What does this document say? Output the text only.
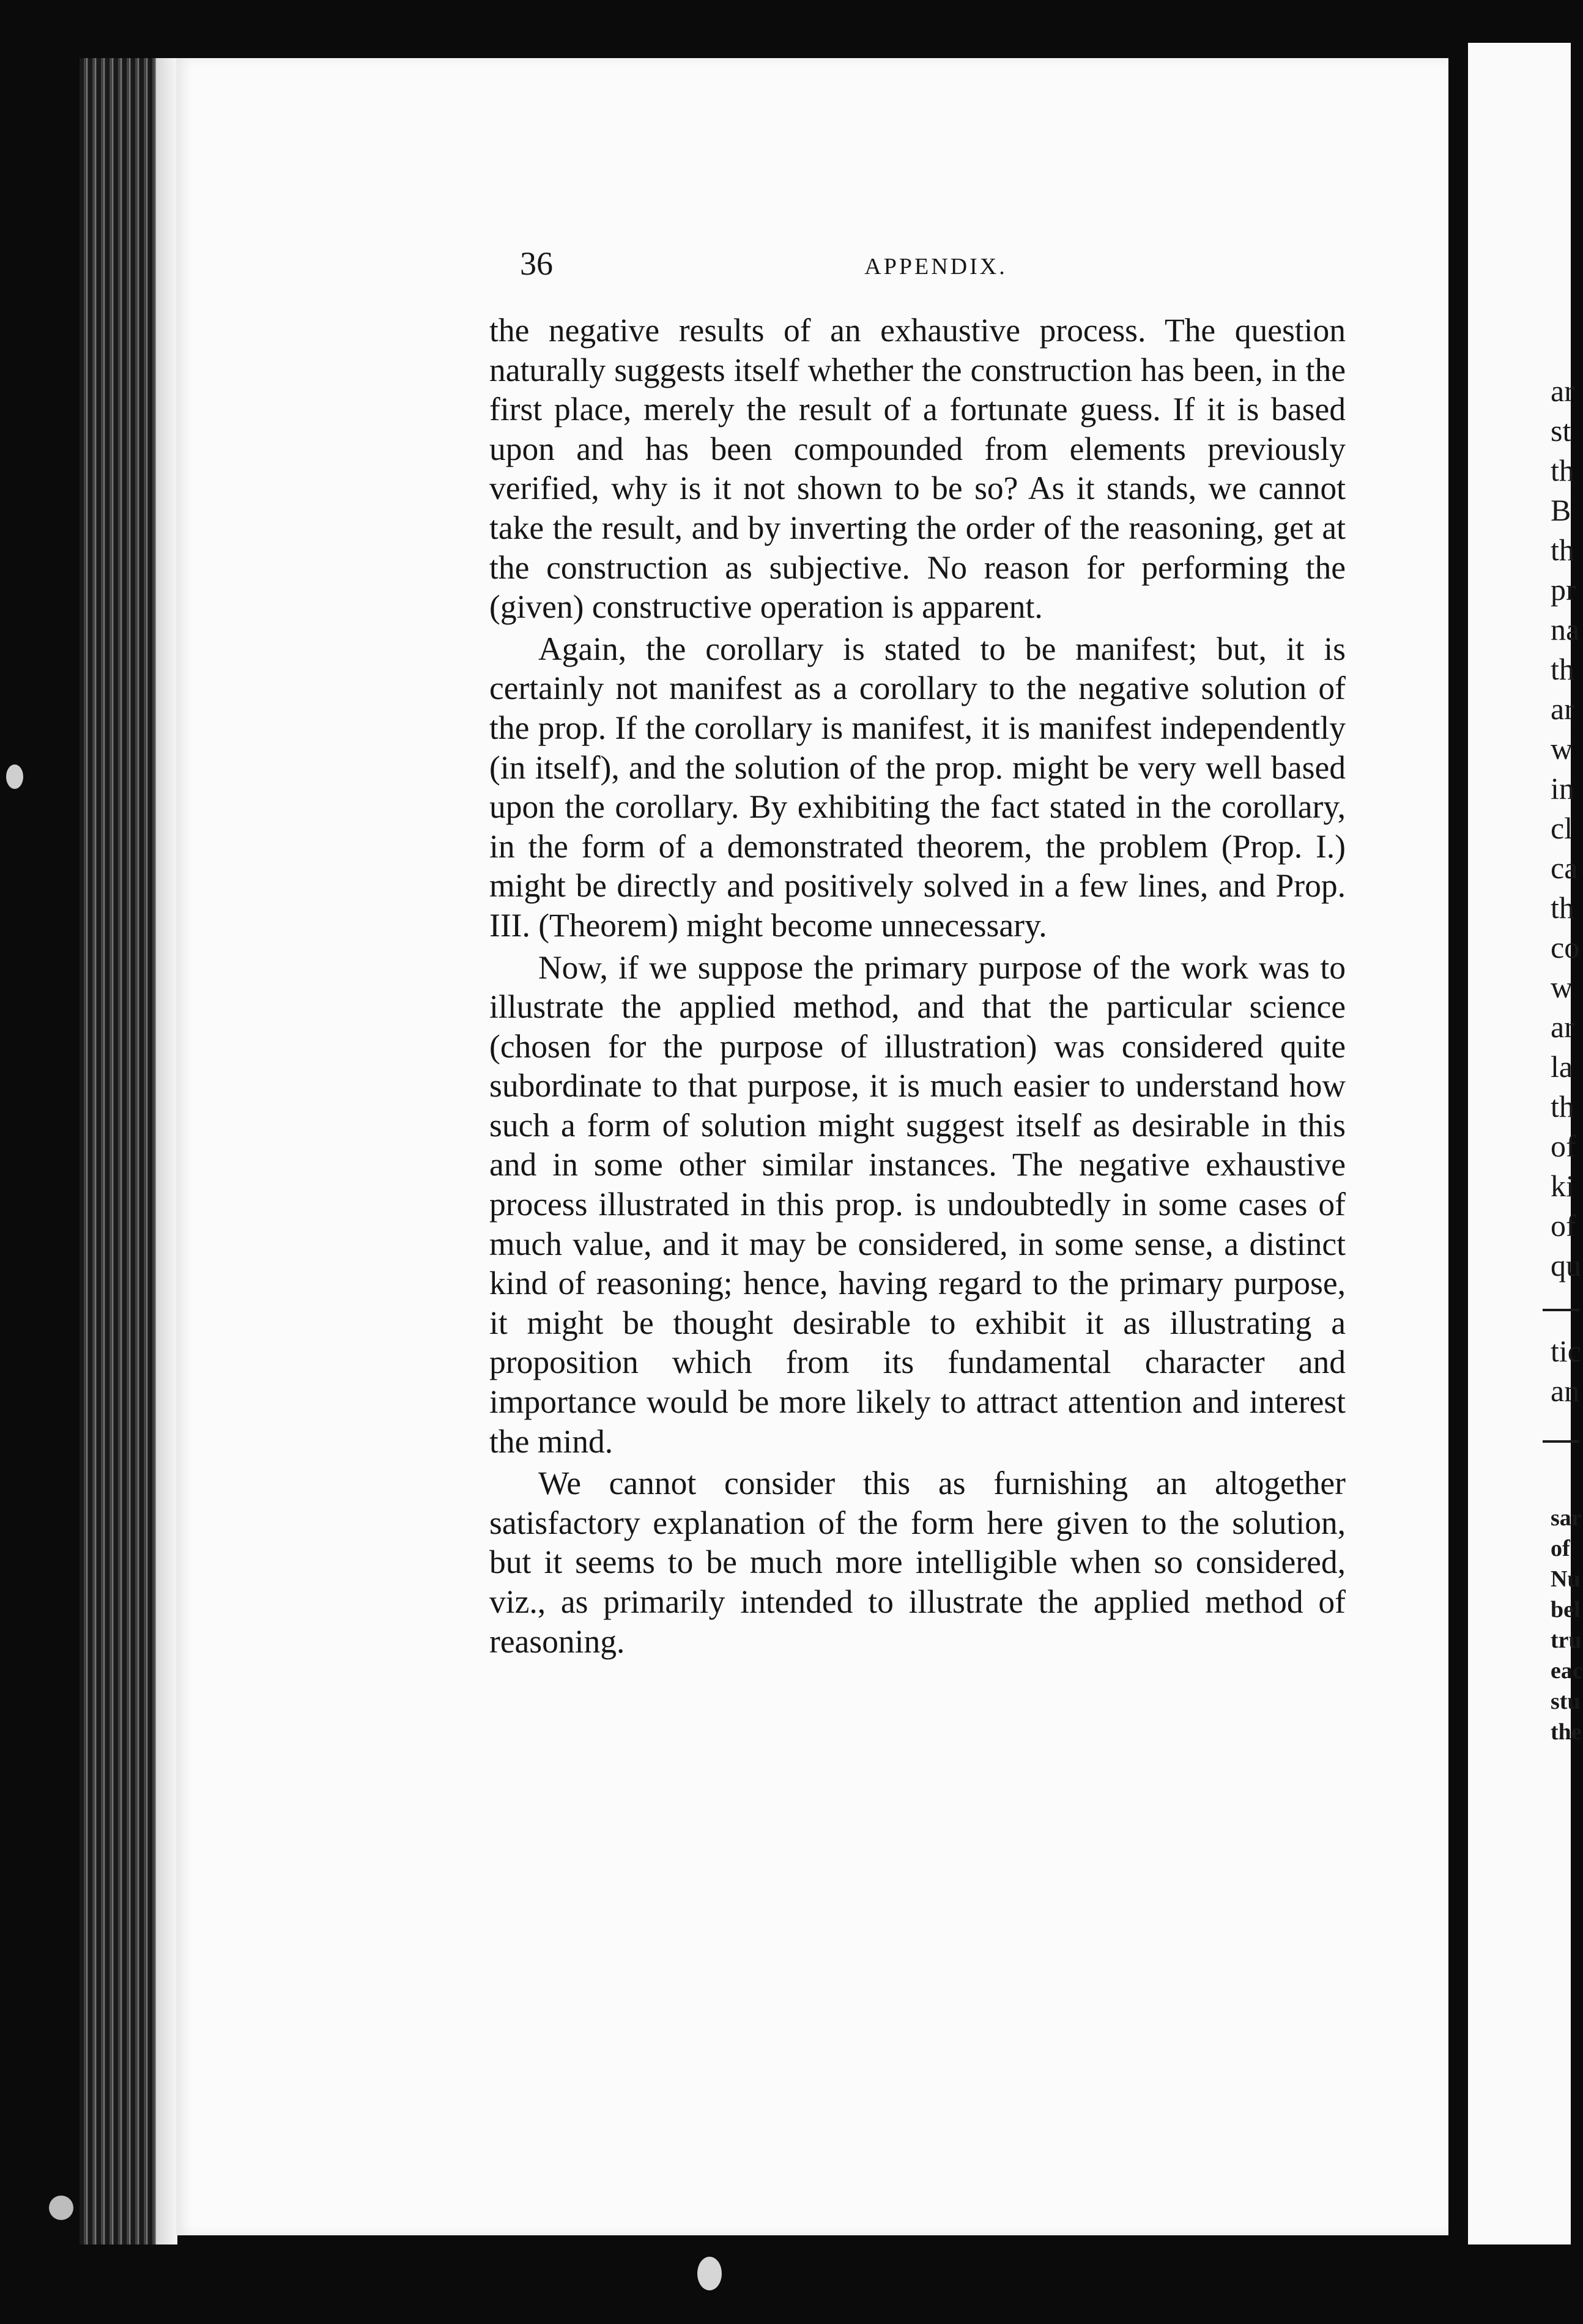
ar
st
th
B
th
pr
na
th
ar
w
in
cl
ca
th
co
w
ar
la
th
of
ki
of
qu
tic
an
sar
of
Nu
bel
tru
eac
stu
the
36	APPENDIX.

the negative results of an exhaustive process. The question naturally suggests itself whether the construction has been, in the first place, merely the result of a fortunate guess. If it is based upon and has been compounded from elements previously verified, why is it not shown to be so? As it stands, we cannot take the result, and by inverting the order of the reasoning, get at the construction as subjective. No reason for performing the (given) constructive operation is apparent.

Again, the corollary is stated to be manifest; but, it is certainly not manifest as a corollary to the negative solution of the prop. If the corollary is manifest, it is manifest independently (in itself), and the solution of the prop. might be very well based upon the corollary. By exhibiting the fact stated in the corollary, in the form of a demonstrated theorem, the problem (Prop. I.) might be directly and positively solved in a few lines, and Prop. III. (Theorem) might become unnecessary.

Now, if we suppose the primary purpose of the work was to illustrate the applied method, and that the particular science (chosen for the purpose of illustration) was considered quite subordinate to that purpose, it is much easier to understand how such a form of solution might suggest itself as desirable in this and in some other similar instances. The negative exhaustive process illustrated in this prop. is undoubtedly in some cases of much value, and it may be considered, in some sense, a distinct kind of reasoning; hence, having regard to the primary purpose, it might be thought desirable to exhibit it as illustrating a proposition which from its fundamental character and importance would be more likely to attract attention and interest the mind.

We cannot consider this as furnishing an altogether satisfactory explanation of the form here given to the solution, but it seems to be much more intelligible when so considered, viz., as primarily intended to illustrate the applied method of reasoning.
